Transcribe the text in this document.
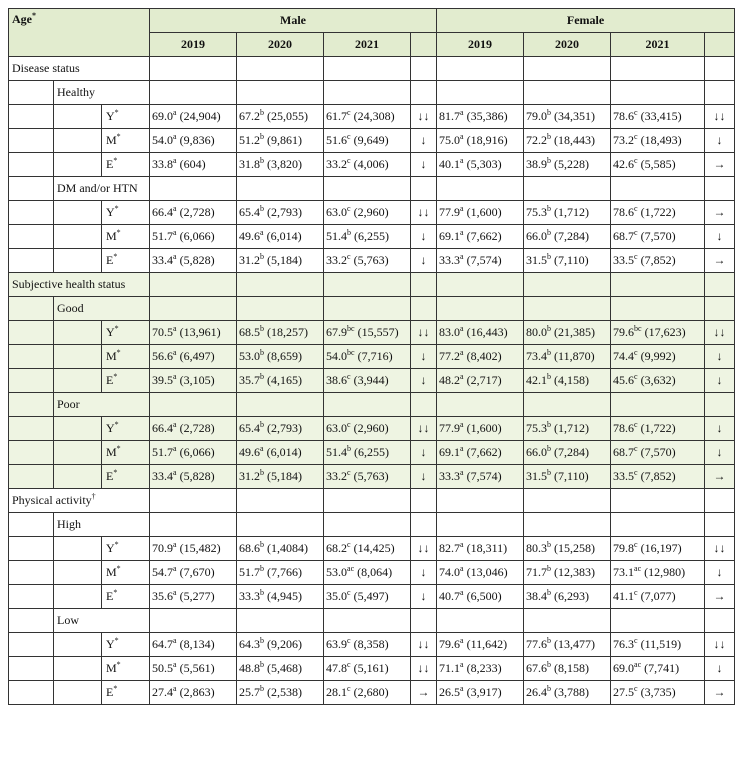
Age*			Male				Female			
			2019	2020	2021		2019	2020	2021	
Disease status										
	Healthy									
		Y*	69.0$^a$ (24,904)	67.2$^b$ (25,055)	61.7$^c$ (24,308)	↓↓	81.7$^a$ (35,386)	79.0$^b$ (34,351)	78.6$^c$ (33,415)	↓↓
		M*	54.0$^a$ (9,836)	51.2$^b$ (9,861)	51.6$^c$ (9,649)	↓	75.0$^a$ (18,916)	72.2$^b$ (18,443)	73.2$^c$ (18,493)	↓
		E*	33.8$^a$ (604)	31.8$^b$ (3,820)	33.2$^c$ (4,006)	↓	40.1$^a$ (5,303)	38.9$^b$ (5,228)	42.6$^c$ (5,585)	→
	DM and/or HTN									
		Y*	66.4$^a$ (2,728)	65.4$^b$ (2,793)	63.0$^c$ (2,960)	↓↓	77.9$^a$ (1,600)	75.3$^b$ (1,712)	78.6$^c$ (1,722)	→
		M*	51.7$^a$ (6,066)	49.6$^a$ (6,014)	51.4$^b$ (6,255)	↓	69.1$^a$ (7,662)	66.0$^b$ (7,284)	68.7$^c$ (7,570)	↓
		E*	33.4$^a$ (5,828)	31.2$^b$ (5,184)	33.2$^c$ (5,763)	↓	33.3$^a$ (7,574)	31.5$^b$ (7,110)	33.5$^c$ (7,852)	→
Subjective health status										
	Good									
		Y*	70.5$^a$ (13,961)	68.5$^b$ (18,257)	67.9$^{bc}$ (15,557)	↓↓	83.0$^a$ (16,443)	80.0$^b$ (21,385)	79.6$^{bc}$ (17,623)	↓↓
		M*	56.6$^a$ (6,497)	53.0$^b$ (8,659)	54.0$^{bc}$ (7,716)	↓	77.2$^a$ (8,402)	73.4$^b$ (11,870)	74.4$^c$ (9,992)	↓
		E*	39.5$^a$ (3,105)	35.7$^b$ (4,165)	38.6$^c$ (3,944)	↓	48.2$^a$ (2,717)	42.1$^b$ (4,158)	45.6$^c$ (3,632)	↓
	Poor									
		Y*	66.4$^a$ (2,728)	65.4$^b$ (2,793)	63.0$^c$ (2,960)	↓↓	77.9$^a$ (1,600)	75.3$^b$ (1,712)	78.6$^c$ (1,722)	↓
		M*	51.7$^a$ (6,066)	49.6$^a$ (6,014)	51.4$^b$ (6,255)	↓	69.1$^a$ (7,662)	66.0$^b$ (7,284)	68.7$^c$ (7,570)	↓
		E*	33.4$^a$ (5,828)	31.2$^b$ (5,184)	33.2$^c$ (5,763)	↓	33.3$^a$ (7,574)	31.5$^b$ (7,110)	33.5$^c$ (7,852)	→
Physical activity†								
	High									
		Y*	70.9$^a$ (15,482)	68.6$^b$ (1,4084)	68.2$^c$ (14,425)	↓↓	82.7$^a$ (18,311)	80.3$^b$ (15,258)	79.8$^c$ (16,197)	↓↓
		M*	54.7$^a$ (7,670)	51.7$^b$ (7,766)	53.0$^{ac}$ (8,064)	↓	74.0$^a$ (13,046)	71.7$^b$ (12,383)	73.1$^{ac}$ (12,980)	↓
		E*	35.6$^a$ (5,277)	33.3$^b$ (4,945)	35.0$^c$ (5,497)	↓	40.7$^a$ (6,500)	38.4$^b$ (6,293)	41.1$^c$ (7,077)	→
	Low									
		Y*	64.7$^a$ (8,134)	64.3$^b$ (9,206)	63.9$^c$ (8,358)	↓↓	79.6$^a$ (11,642)	77.6$^b$ (13,477)	76.3$^c$ (11,519)	↓↓
		M*	50.5$^a$ (5,561)	48.8$^b$ (5,468)	47.8$^c$ (5,161)	↓↓	71.1$^a$ (8,233)	67.6$^b$ (8,158)	69.0$^{ac}$ (7,741)	↓
		E*	27.4$^a$ (2,863)	25.7$^b$ (2,538)	28.1$^c$ (2,680)	→	26.5$^a$ (3,917)	26.4$^b$ (3,788)	27.5$^c$ (3,735)	→
